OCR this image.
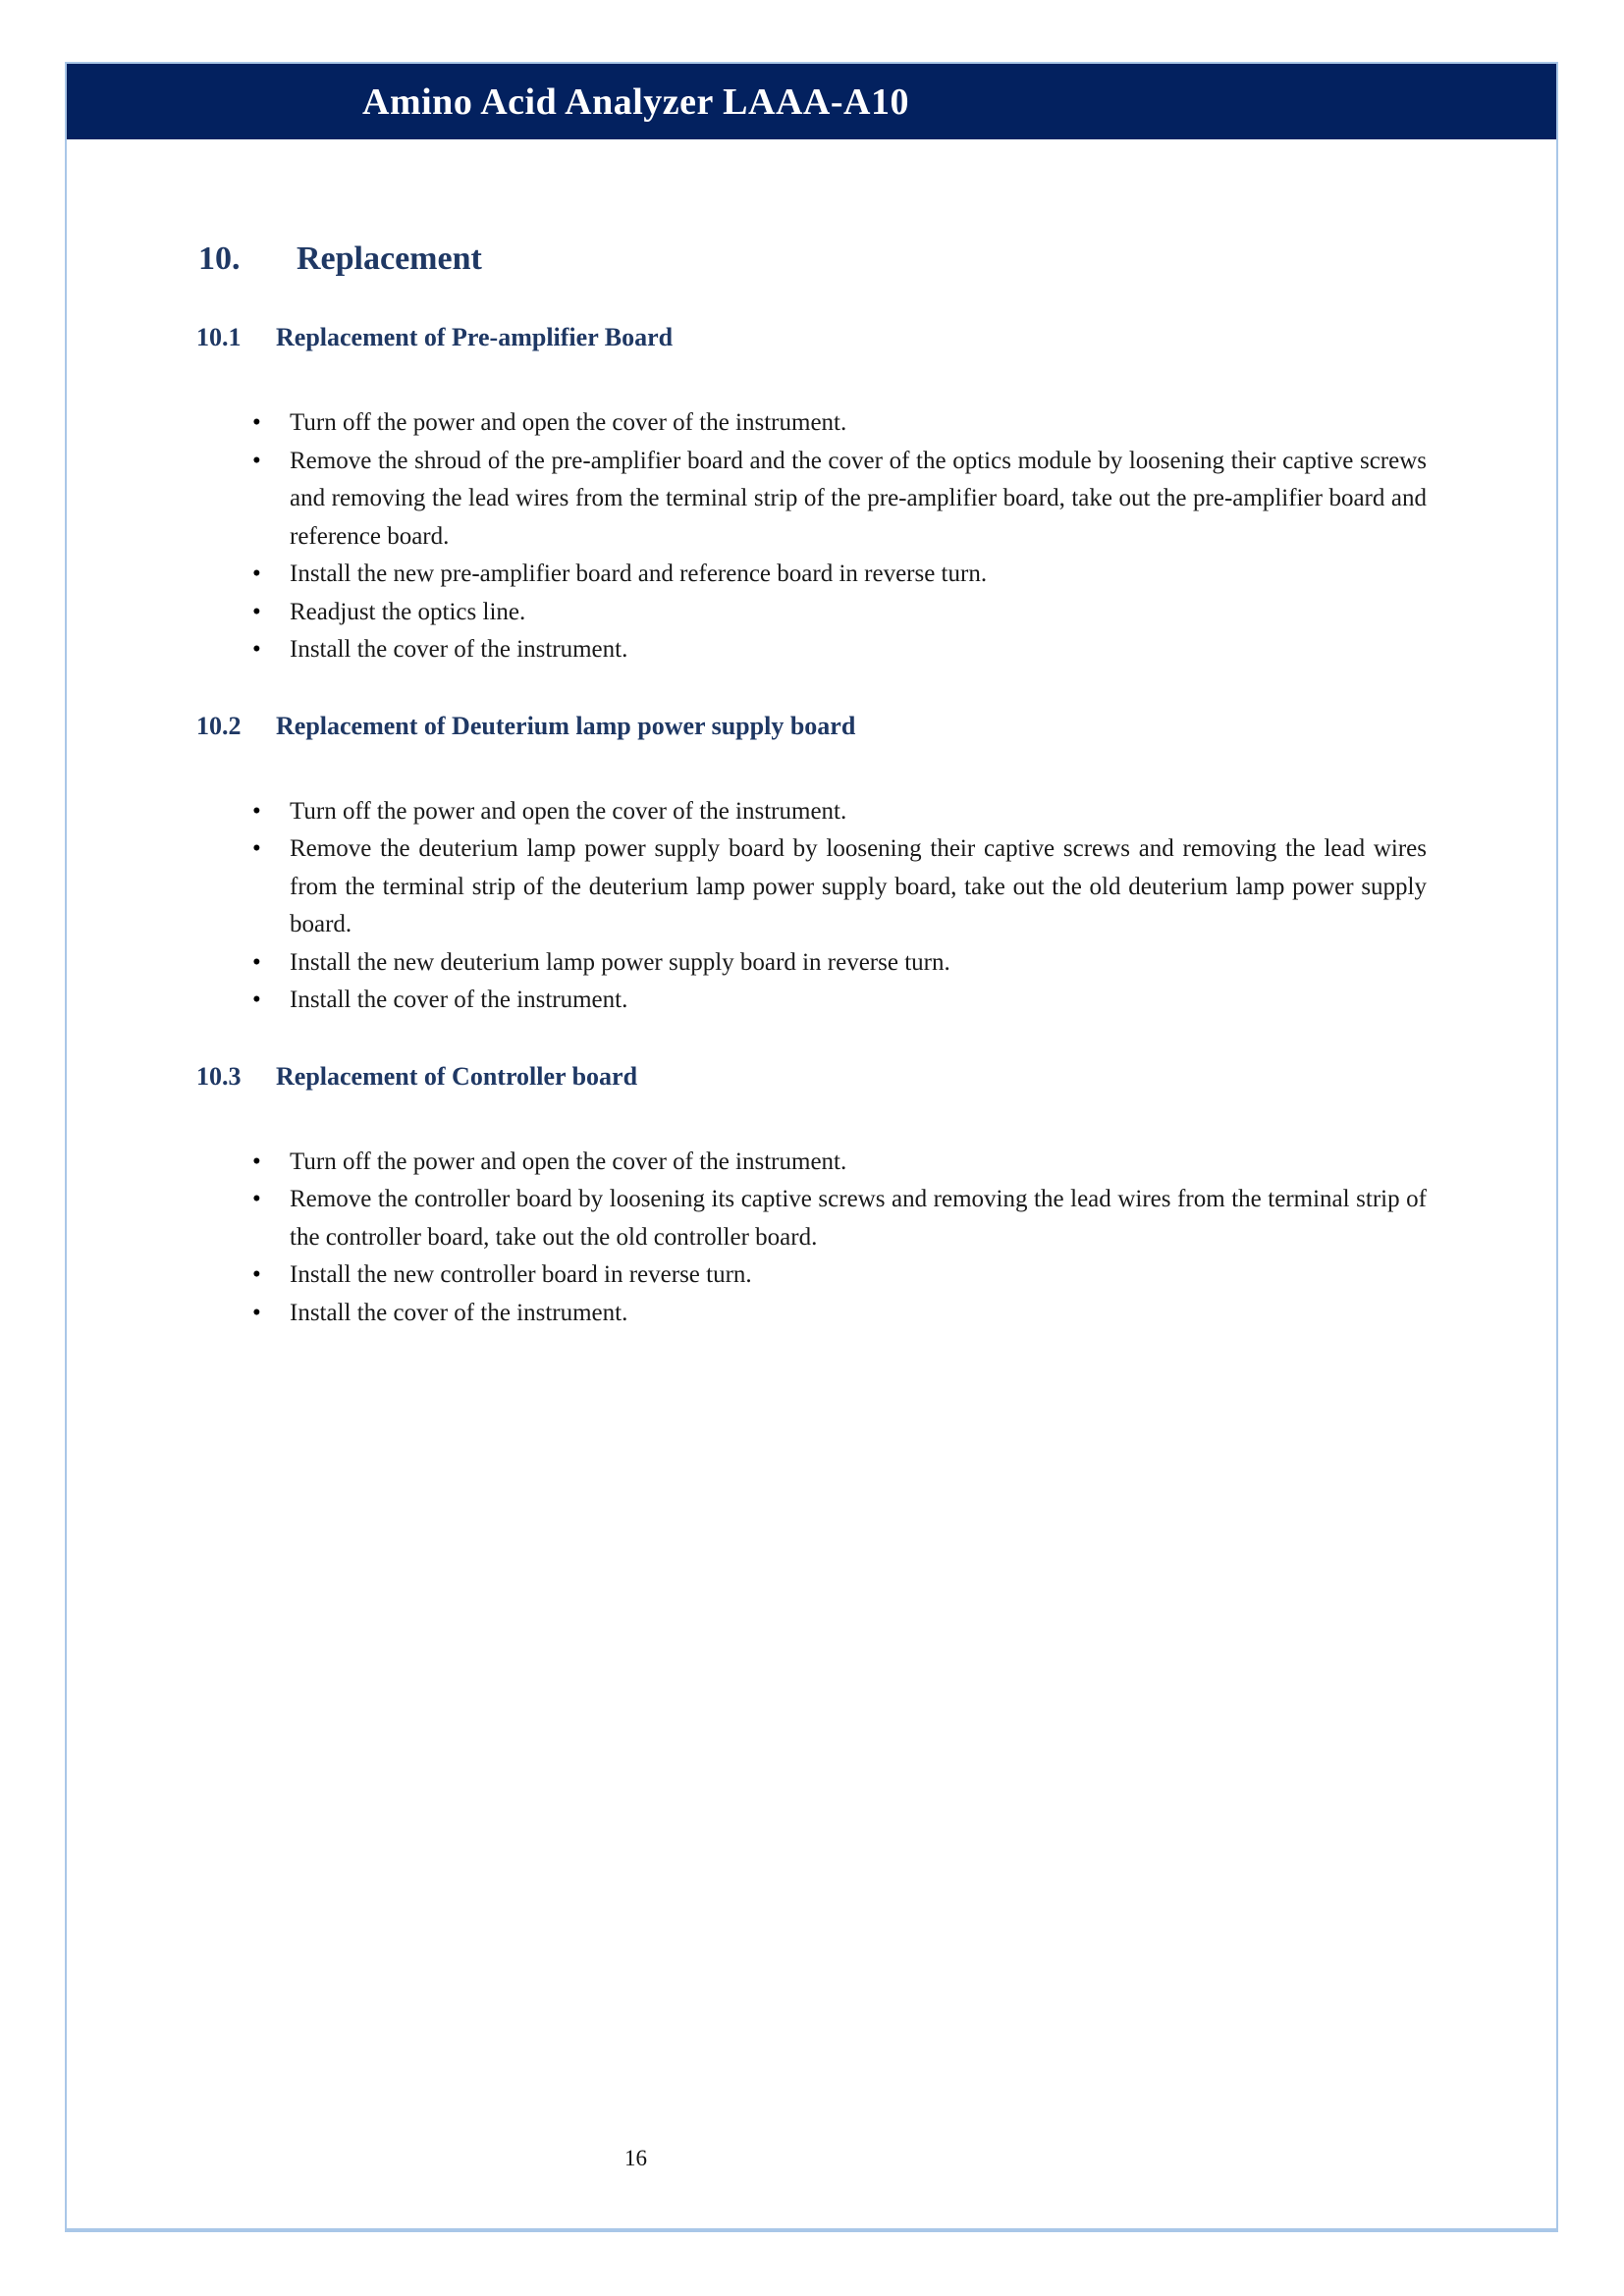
Amino Acid Analyzer LAAA-A10
10. Replacement
10.1 Replacement of Pre-amplifier Board
• Turn off the power and open the cover of the instrument.
• Remove the shroud of the pre-amplifier board and the cover of the optics module by loosening their captive screws and removing the lead wires from the terminal strip of the pre-amplifier board, take out the pre-amplifier board and reference board.
• Install the new pre-amplifier board and reference board in reverse turn.
• Readjust the optics line.
• Install the cover of the instrument.
10.2 Replacement of Deuterium lamp power supply board
• Turn off the power and open the cover of the instrument.
• Remove the deuterium lamp power supply board by loosening their captive screws and removing the lead wires from the terminal strip of the deuterium lamp power supply board, take out the old deuterium lamp power supply board.
• Install the new deuterium lamp power supply board in reverse turn.
• Install the cover of the instrument.
10.3 Replacement of Controller board
• Turn off the power and open the cover of the instrument.
• Remove the controller board by loosening its captive screws and removing the lead wires from the terminal strip of the controller board, take out the old controller board.
• Install the new controller board in reverse turn.
• Install the cover of the instrument.
16
